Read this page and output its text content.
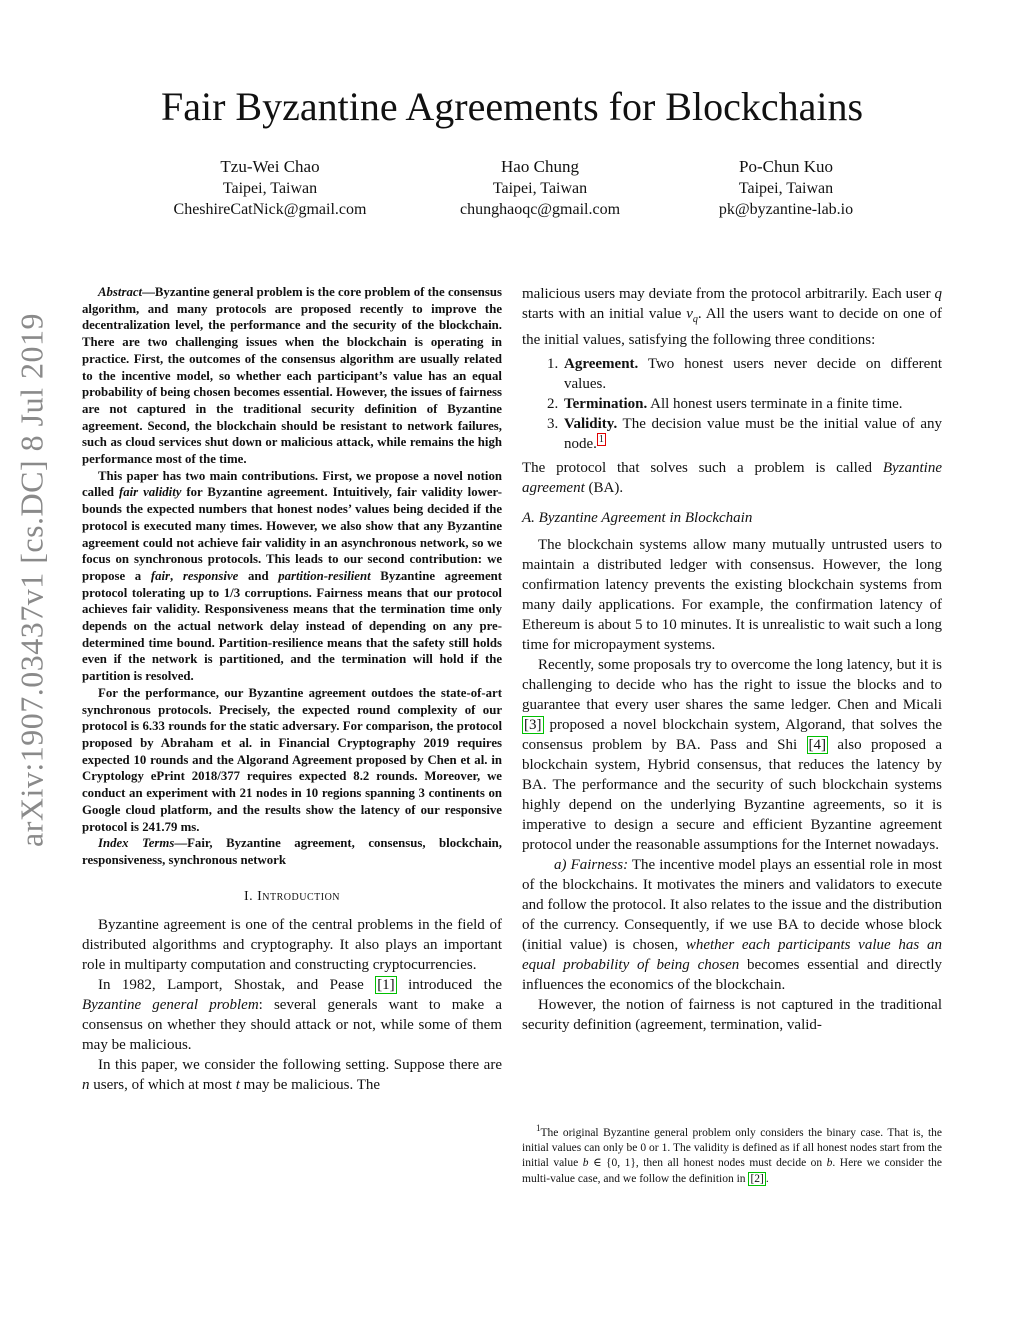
Fair Byzantine Agreements for Blockchains
Tzu-Wei Chao
Taipei, Taiwan
CheshireCatNick@gmail.com
Hao Chung
Taipei, Taiwan
chunghaoqc@gmail.com
Po-Chun Kuo
Taipei, Taiwan
pk@byzantine-lab.io
arXiv:1907.03437v1 [cs.DC] 8 Jul 2019

Abstract—Byzantine general problem is the core problem of the consensus algorithm, and many protocols are proposed recently to improve the decentralization level, the performance and the security of the blockchain. There are two challenging issues when the blockchain is operating in practice. First, the outcomes of the consensus algorithm are usually related to the incentive model, so whether each participant’s value has an equal probability of being chosen becomes essential. However, the issues of fairness are not captured in the traditional security definition of Byzantine agreement. Second, the blockchain should be resistant to network failures, such as cloud services shut down or malicious attack, while remains the high performance most of the time.

This paper has two main contributions. First, we propose a novel notion called fair validity for Byzantine agreement. Intuitively, fair validity lower-bounds the expected numbers that honest nodes’ values being decided if the protocol is executed many times. However, we also show that any Byzantine agreement could not achieve fair validity in an asynchronous network, so we focus on synchronous protocols. This leads to our second contribution: we propose a fair, responsive and partition-resilient Byzantine agreement protocol tolerating up to 1/3 corruptions. Fairness means that our protocol achieves fair validity. Responsiveness means that the termination time only depends on the actual network delay instead of depending on any pre-determined time bound. Partition-resilience means that the safety still holds even if the network is partitioned, and the termination will hold if the partition is resolved.

For the performance, our Byzantine agreement outdoes the state-of-art synchronous protocols. Precisely, the expected round complexity of our protocol is 6.33 rounds for the static adversary. For comparison, the protocol proposed by Abraham et al. in Financial Cryptography 2019 requires expected 10 rounds and the Algorand Agreement proposed by Chen et al. in Cryptology ePrint 2018/377 requires expected 8.2 rounds. Moreover, we conduct an experiment with 21 nodes in 10 regions spanning 3 continents on Google cloud platform, and the results show the latency of our responsive protocol is 241.79 ms.

Index Terms—Fair, Byzantine agreement, consensus, blockchain, responsiveness, synchronous network

I. Introduction

Byzantine agreement is one of the central problems in the field of distributed algorithms and cryptography. It also plays an important role in multiparty computation and constructing cryptocurrencies.

In 1982, Lamport, Shostak, and Pease [1] introduced the Byzantine general problem: several generals want to make a consensus on whether they should attack or not, while some of them may be malicious.

In this paper, we consider the following setting. Suppose there are n users, of which at most t may be malicious. The

malicious users may deviate from the protocol arbitrarily. Each user q starts with an initial value $v_q$. All the users want to decide on one of the initial values, satisfying the following three conditions:

1. Agreement. Two honest users never decide on different values.
2. Termination. All honest users terminate in a finite time.
3. Validity. The decision value must be the initial value of any node. $^1$

The protocol that solves such a problem is called Byzantine agreement (BA).

A. Byzantine Agreement in Blockchain

The blockchain systems allow many mutually untrusted users to maintain a distributed ledger with consensus. However, the long confirmation latency prevents the existing blockchain systems from many daily applications. For example, the confirmation latency of Ethereum is about 5 to 10 minutes. It is unrealistic to wait such a long time for micropayment systems.

Recently, some proposals try to overcome the long latency, but it is challenging to decide who has the right to issue the blocks and to guarantee that every user shares the same ledger. Chen and Micali [3] proposed a novel blockchain system, Algorand, that solves the consensus problem by BA. Pass and Shi [4] also proposed a blockchain system, Hybrid consensus, that reduces the latency by BA. The performance and the security of such blockchain systems highly depend on the underlying Byzantine agreements, so it is imperative to design a secure and efficient Byzantine agreement protocol under the reasonable assumptions for the Internet nowadays.

a) Fairness: The incentive model plays an essential role in most of the blockchains. It motivates the miners and validators to execute and follow the protocol. It also relates to the issue and the distribution of the currency. Consequently, if we use BA to decide whose block (initial value) is chosen, whether each participants value has an equal probability of being chosen becomes essential and directly influences the economics of the blockchain.

However, the notion of fairness is not captured in the traditional security definition (agreement, termination, valid-

$^1$The original Byzantine general problem only considers the binary case. That is, the initial values can only be 0 or 1. The validity is defined as if all honest nodes start from the initial value b ∈ {0, 1}, then all honest nodes must decide on b. Here we consider the multi-value case, and we follow the definition in [2] .
